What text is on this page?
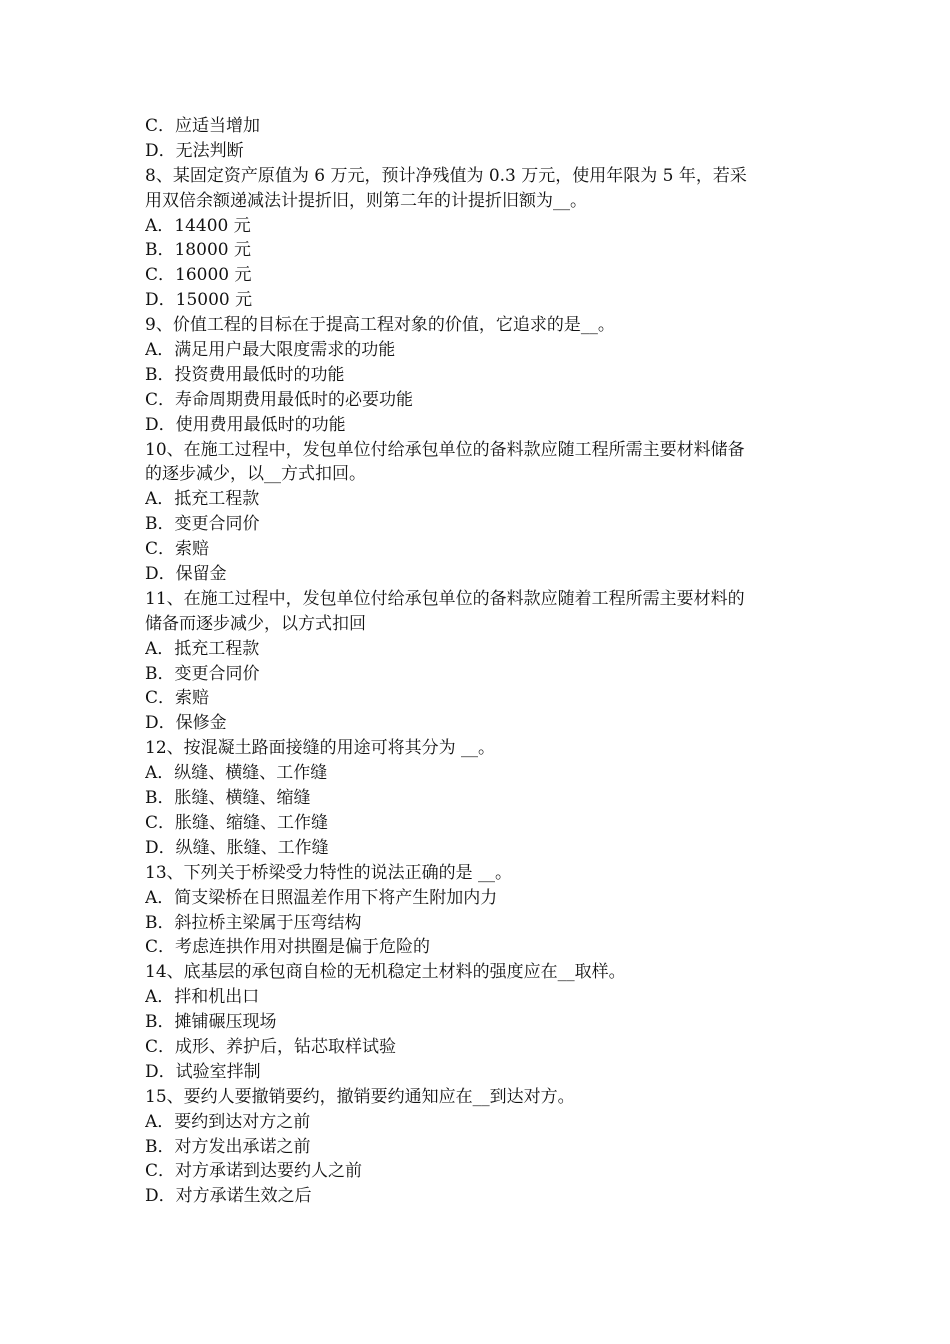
C．应适当增加
D．无法判断
8、某固定资产原值为 6 万元，预计净残值为 0.3 万元，使用年限为 5 年，若采
用双倍余额递减法计提折旧，则第二年的计提折旧额为__。
A．14400 元
B．18000 元
C．16000 元
D．15000 元
9、价值工程的目标在于提高工程对象的价值，它追求的是__。
A．满足用户最大限度需求的功能
B．投资费用最低时的功能
C．寿命周期费用最低时的必要功能
D．使用费用最低时的功能
10、在施工过程中，发包单位付给承包单位的备料款应随工程所需主要材料储备
的逐步减少，以__方式扣回。
A．抵充工程款
B．变更合同价
C．索赔
D．保留金
11、在施工过程中，发包单位付给承包单位的备料款应随着工程所需主要材料的
储备而逐步减少，以方式扣回
A．抵充工程款
B．变更合同价
C．索赔
D．保修金
12、按混凝土路面接缝的用途可将其分为 __。
A．纵缝、横缝、工作缝
B．胀缝、横缝、缩缝
C．胀缝、缩缝、工作缝
D．纵缝、胀缝、工作缝
13、下列关于桥梁受力特性的说法正确的是 __。
A．简支梁桥在日照温差作用下将产生附加内力
B．斜拉桥主梁属于压弯结构
C．考虑连拱作用对拱圈是偏于危险的
14、底基层的承包商自检的无机稳定土材料的强度应在__取样。
A．拌和机出口
B．摊铺碾压现场
C．成形、养护后，钻芯取样试验
D．试验室拌制
15、要约人要撤销要约，撤销要约通知应在__到达对方。
A．要约到达对方之前
B．对方发出承诺之前
C．对方承诺到达要约人之前
D．对方承诺生效之后
